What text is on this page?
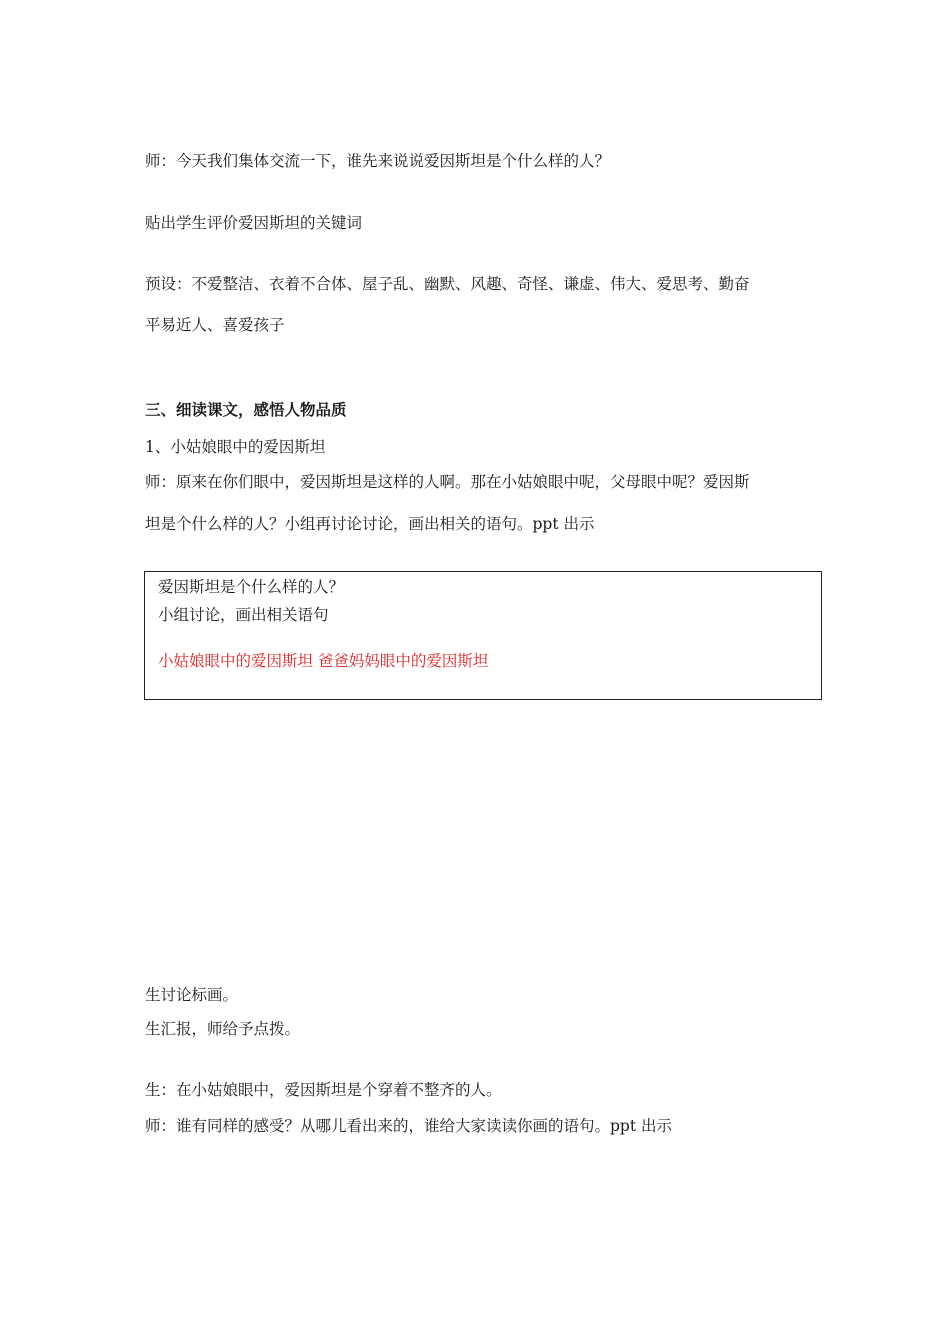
师：今天我们集体交流一下，谁先来说说爱因斯坦是个什么样的人？
贴出学生评价爱因斯坦的关键词
预设：不爱整洁、衣着不合体、屋子乱、幽默、风趣、奇怪、谦虚、伟大、爱思考、勤奋
平易近人、喜爱孩子
三、细读课文，感悟人物品质
1、小姑娘眼中的爱因斯坦
师：原来在你们眼中，爱因斯坦是这样的人啊。那在小姑娘眼中呢，父母眼中呢？爱因斯
坦是个什么样的人？小组再讨论讨论，画出相关的语句。ppt 出示
爱因斯坦是个什么样的人？
小组讨论，画出相关语句
小姑娘眼中的爱因斯坦 爸爸妈妈眼中的爱因斯坦
生讨论标画。
生汇报，师给予点拨。
生：在小姑娘眼中，爱因斯坦是个穿着不整齐的人。
师：谁有同样的感受？从哪儿看出来的，谁给大家读读你画的语句。ppt 出示
